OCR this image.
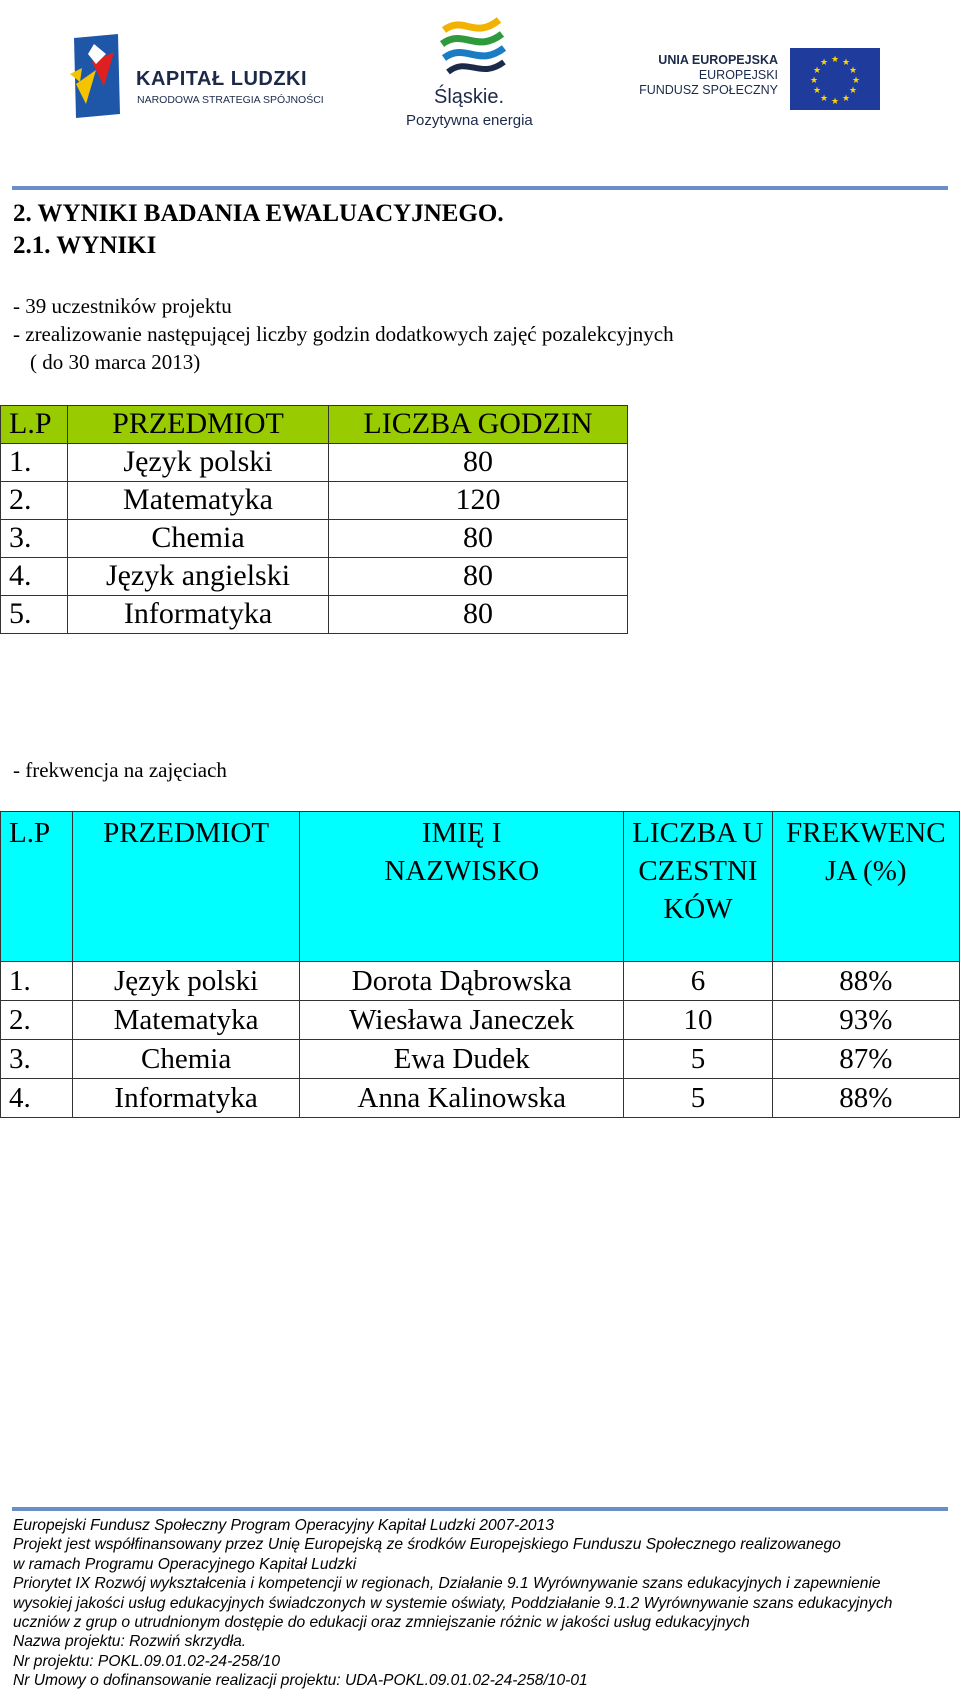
KAPITAŁ LUDZKI
NARODOWA STRATEGIA SPÓJNOŚCI	Śląskie.
Pozytywna energia
UNIA EUROPEJSKA
EUROPEJSKI
FUNDUSZ SPOŁECZNY
★ ★
★
★
★
★
★
★
★
★
★
★
2. WYNIKI BADANIA EWALUACYJNEGO.
2.1. WYNIKI
- 39 uczestników projektu
- zrealizowanie następującej liczby godzin dodatkowych zajęć pozalekcyjnych
( do 30 marca 2013)
L.P	PRZEDMIOT	LICZBA GODZIN
1.	Język polski	80
2.	Matematyka	120
3.	Chemia	80
4.	Język angielski	80
5.	Informatyka	80
- frekwencja na zajęciach
L.P	PRZEDMIOT	IMIĘ I NAZWISKO	LICZBA UCZESTNIKÓW	FREKWENCJA (%)
1.	Język polski	Dorota Dąbrowska	6	88%
2.	Matematyka	Wiesława Janeczek	10	93%
3.	Chemia	Ewa Dudek	5	87%
4.	Informatyka	Anna Kalinowska	5	88%
Europejski Fundusz Społeczny Program Operacyjny Kapitał Ludzki 2007-2013
Projekt jest współfinansowany przez Unię Europejską ze środków Europejskiego Funduszu Społecznego realizowanego
w ramach Programu Operacyjnego Kapitał Ludzki
Priorytet IX Rozwój wykształcenia i kompetencji w regionach, Działanie 9.1 Wyrównywanie szans edukacyjnych i zapewnienie
wysokiej jakości usług edukacyjnych świadczonych w systemie oświaty, Poddziałanie 9.1.2 Wyrównywanie szans edukacyjnych
uczniów z grup o utrudnionym dostępie do edukacji oraz zmniejszanie różnic w jakości usług edukacyjnych
Nazwa projektu: Rozwiń skrzydła.
Nr projektu: POKL.09.01.02-24-258/10
Nr Umowy o dofinansowanie realizacji projektu: UDA-POKL.09.01.02-24-258/10-01
